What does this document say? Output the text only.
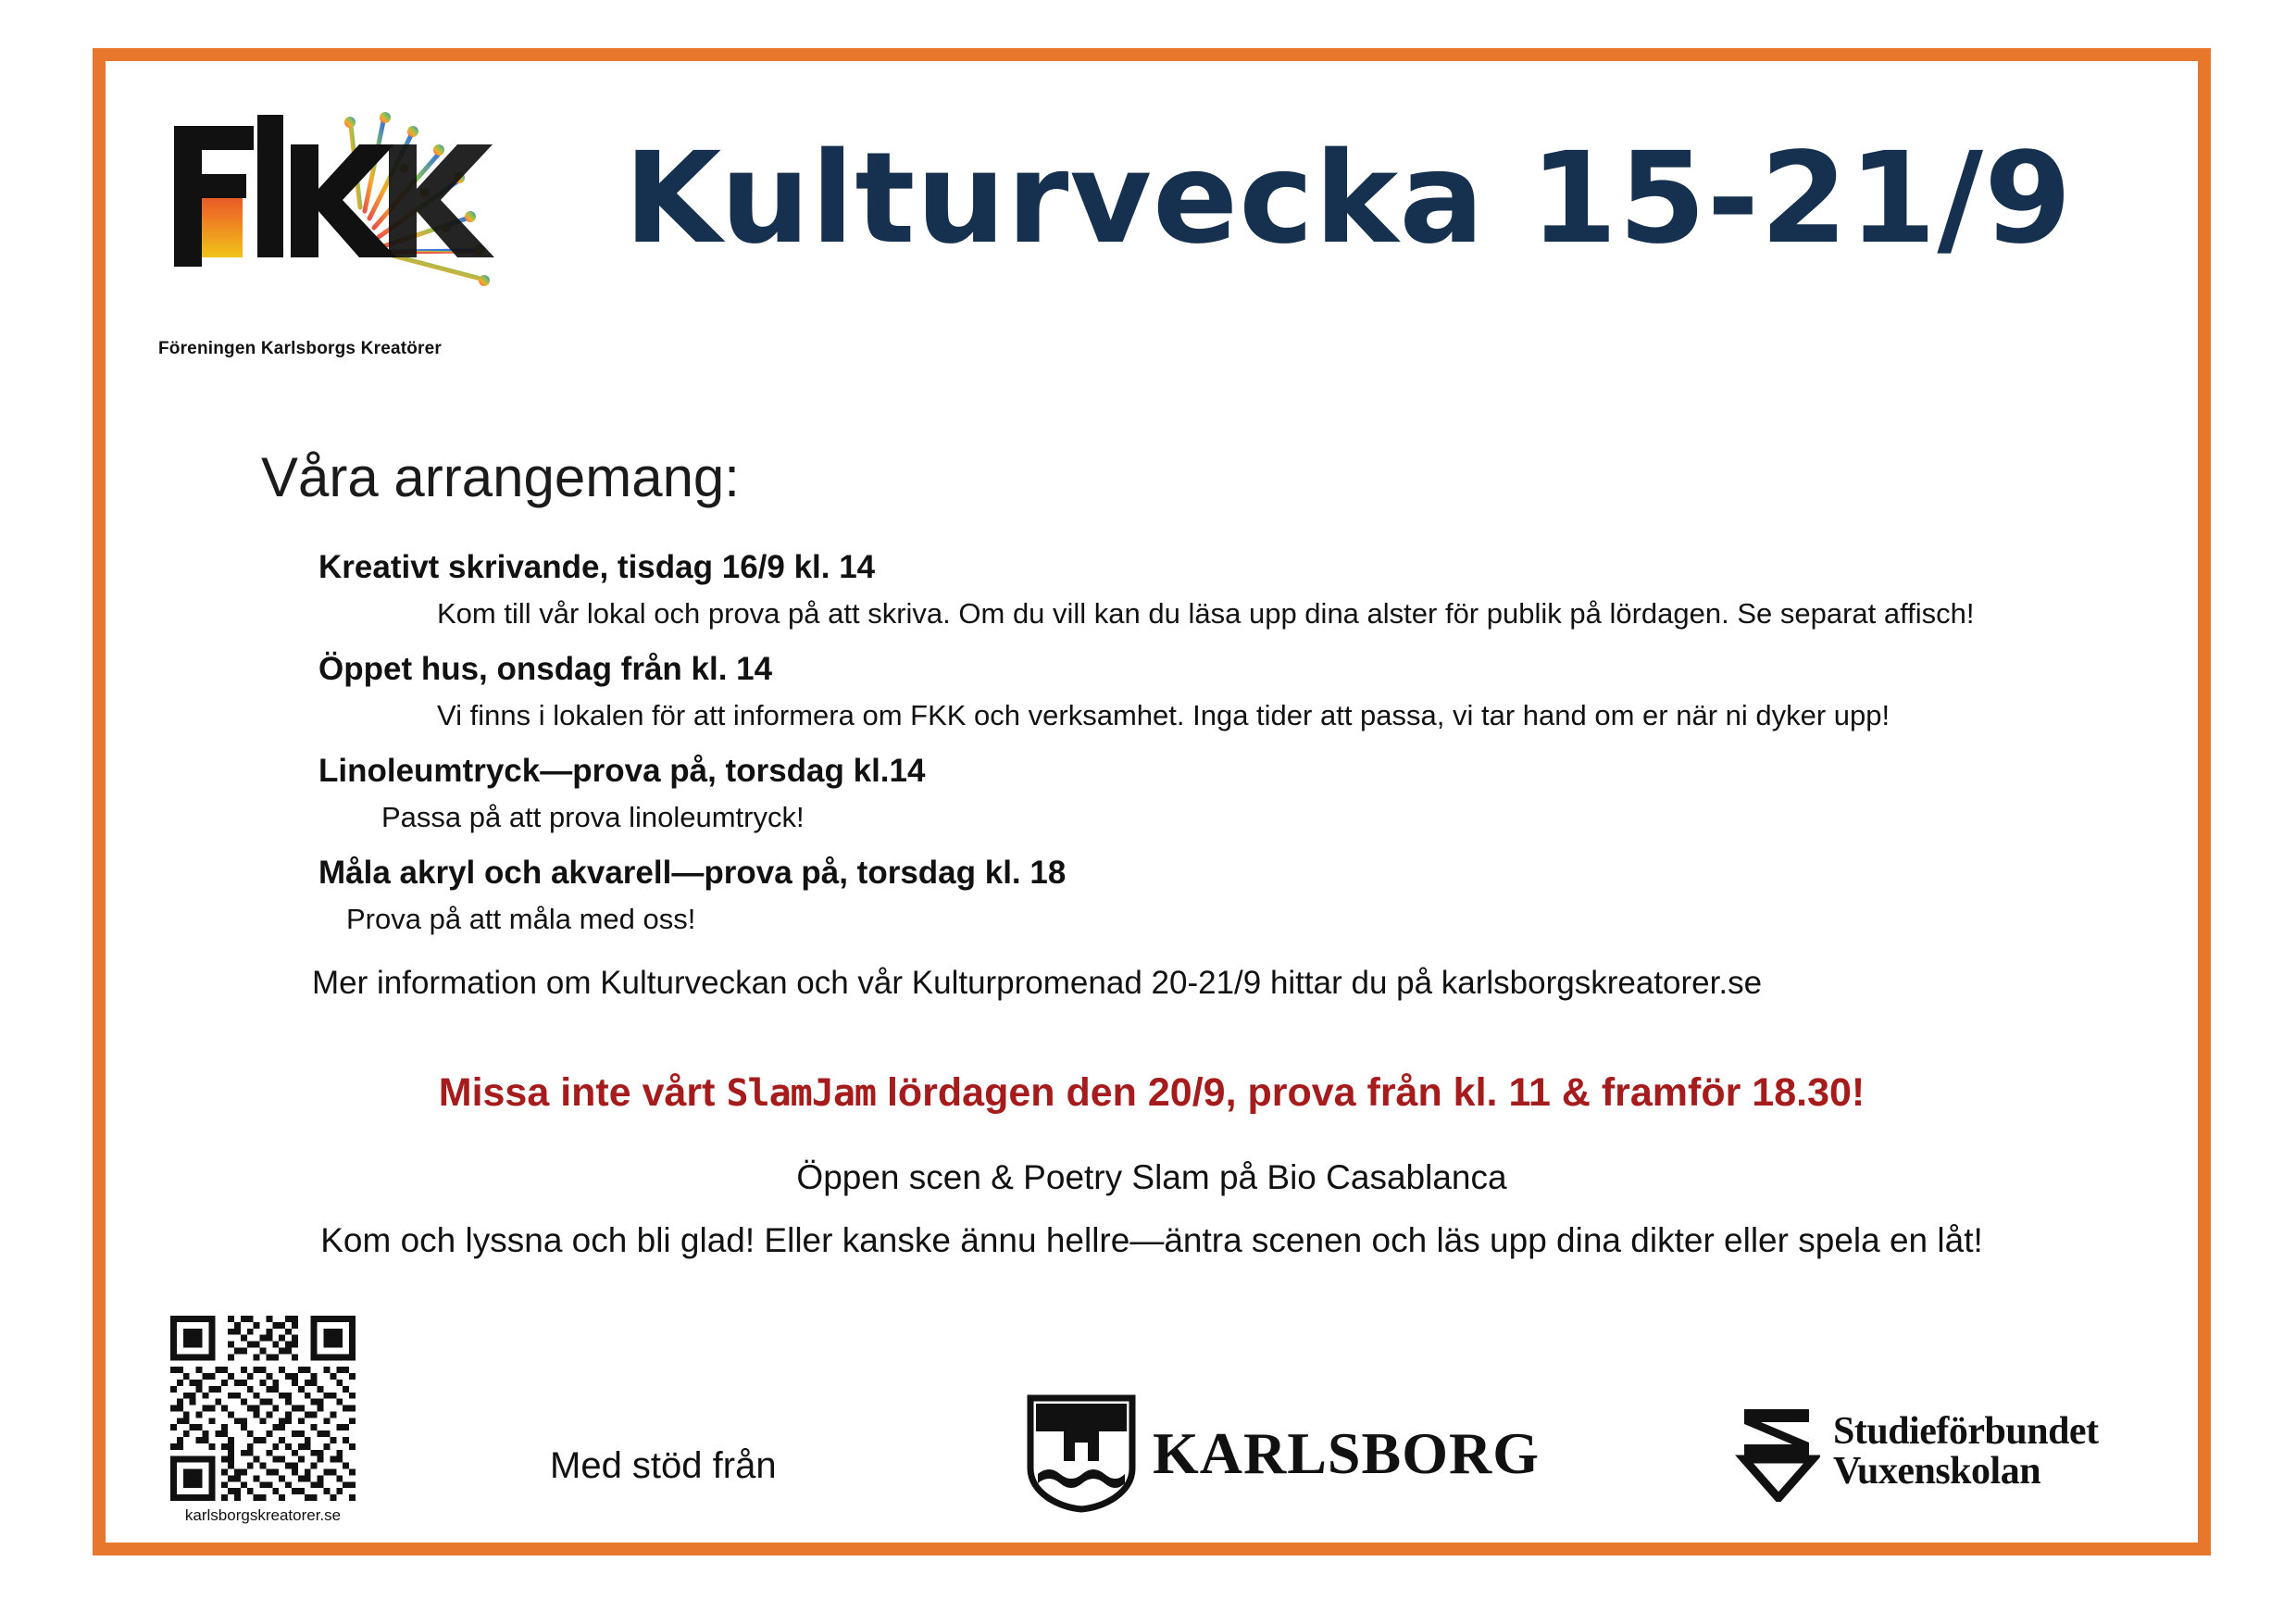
Föreningen Karlsborgs Kreatörer
Kulturvecka 15-21/9
Våra arrangemang:
Kreativt skrivande, tisdag 16/9 kl. 14
Kom till vår lokal och prova på att skriva. Om du vill kan du läsa upp dina alster för publik på lördagen. Se separat affisch!
Öppet hus, onsdag från kl. 14
Vi finns i lokalen för att informera om FKK och verksamhet. Inga tider att passa, vi tar hand om er när ni dyker upp!
Linoleumtryck—prova på, torsdag kl.14
Passa på att prova linoleumtryck!
Måla akryl och akvarell—prova på, torsdag kl. 18
Prova på att måla med oss!
Mer information om Kulturveckan och vår Kulturpromenad 20-21/9 hittar du på karlsborgskreatorer.se
Missa inte vårt SlamJam lördagen den 20/9, prova från kl. 11 & framför 18.30!
Öppen scen & Poetry Slam på Bio Casablanca
Kom och lyssna och bli glad! Eller kanske ännu hellre—äntra scenen och läs upp dina dikter eller spela en låt!
karlsborgskreatorer.se
Med stöd från	KARLSBORG	Studieförbundet
Vuxenskolan
